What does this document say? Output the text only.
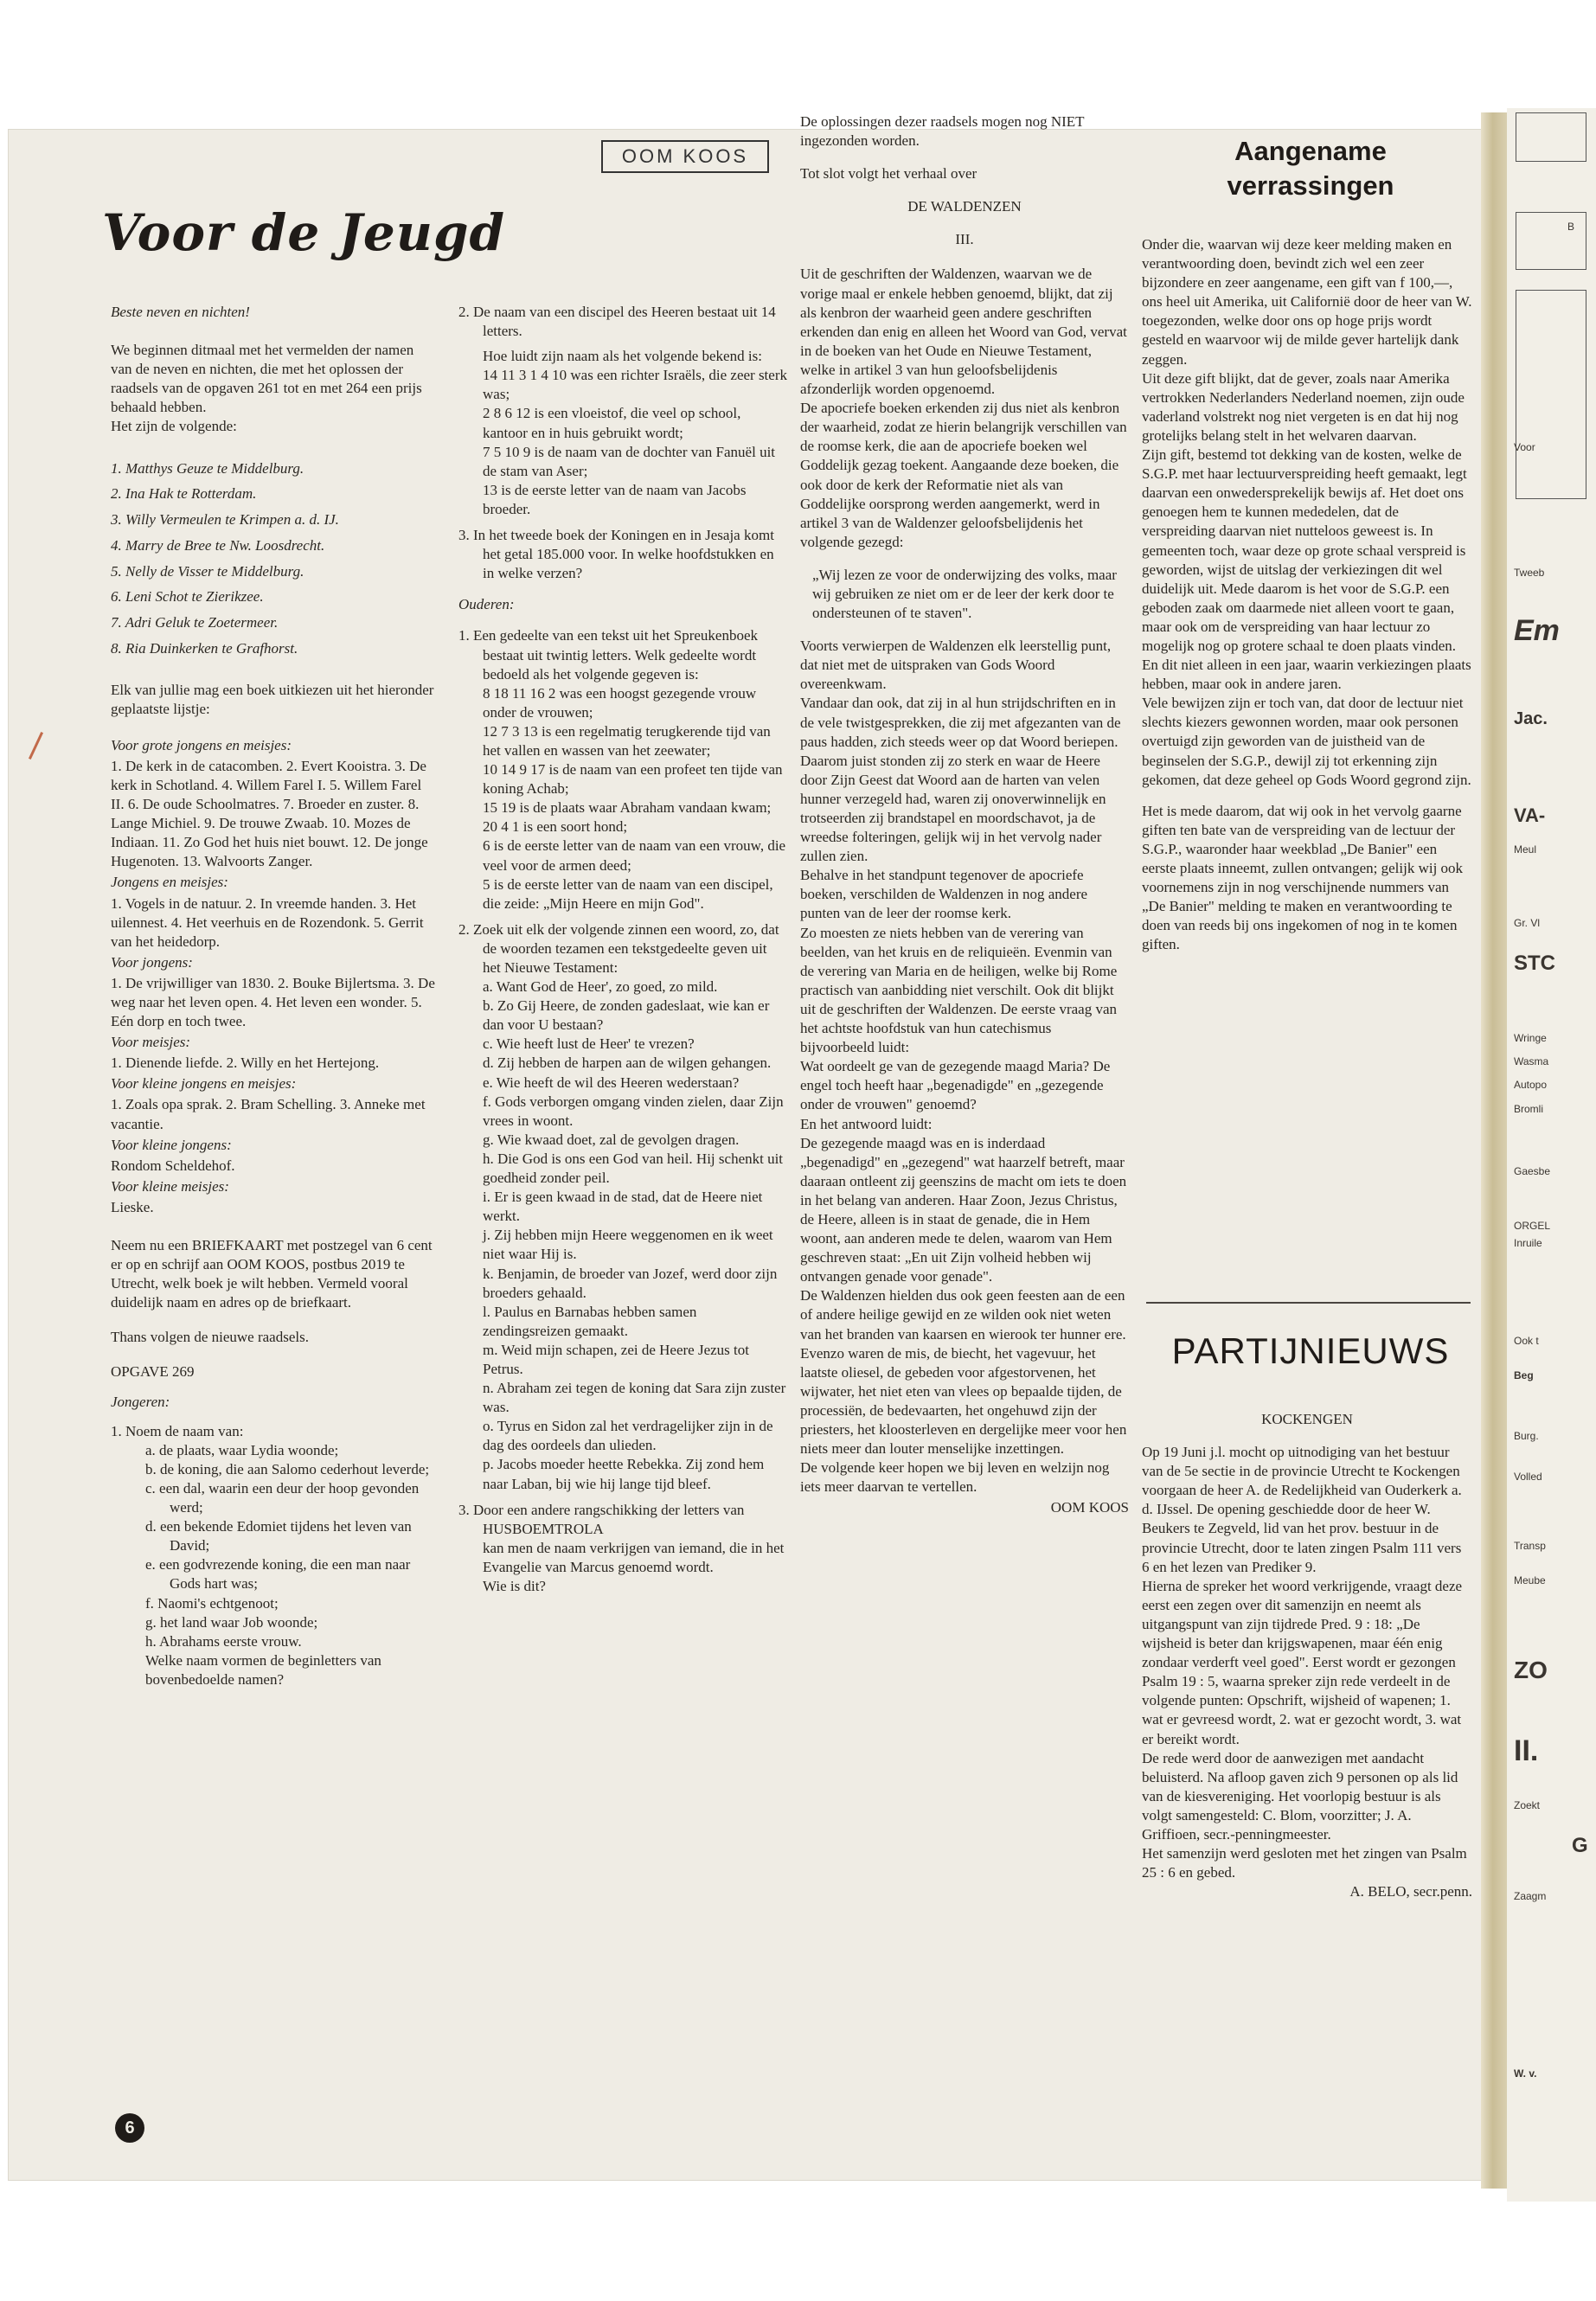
B
Voor
Tweeb
Em
Jac.
VA-
Meul
Gr. Vl
STC
Wringe
Wasma
Autopo
Bromli
Gaesbe
ORGEL
Inruile
Ook t
Beg
Burg.
Volled
Transp
Meube
ZO
II.
Zoekt
G
Zaagm
W. v.
OOM KOOS
Voor de Jeugd

Beste neven en nichten!

We beginnen ditmaal met het vermelden der namen van de neven en nichten, die met het oplossen der raadsels van de opgaven 261 tot en met 264 een prijs behaald hebben.

Het zijn de volgende:

1. Matthys Geuze te Middelburg.
2. Ina Hak te Rotterdam.
3. Willy Vermeulen te Krimpen a. d. IJ.
4. Marry de Bree te Nw. Loosdrecht.
5. Nelly de Visser te Middelburg.
6. Leni Schot te Zierikzee.
7. Adri Geluk te Zoetermeer.
8. Ria Duinkerken te Grafhorst.

Elk van jullie mag een boek uitkiezen uit het hieronder geplaatste lijstje:

Voor grote jongens en meisjes:

1. De kerk in de catacomben. 2. Evert Kooistra. 3. De kerk in Schotland. 4. Willem Farel I. 5. Willem Farel II. 6. De oude Schoolmatres. 7. Broeder en zuster. 8. Lange Michiel. 9. De trouwe Zwaab. 10. Mozes de Indiaan. 11. Zo God het huis niet bouwt. 12. De jonge Hugenoten. 13. Walvoorts Zanger.

Jongens en meisjes:

1. Vogels in de natuur. 2. In vreemde handen. 3. Het uilennest. 4. Het veerhuis en de Rozendonk. 5. Gerrit van het heidedorp.

Voor jongens:

1. De vrijwilliger van 1830. 2. Bouke Bijlertsma. 3. De weg naar het leven open. 4. Het leven een wonder. 5. Eén dorp en toch twee.

Voor meisjes:

1. Dienende liefde. 2. Willy en het Hertejong.

Voor kleine jongens en meisjes:

1. Zoals opa sprak. 2. Bram Schelling. 3. Anneke met vacantie.

Voor kleine jongens:

Rondom Scheldehof.

Voor kleine meisjes:

Lieske.

Neem nu een BRIEFKAART met postzegel van 6 cent er op en schrijf aan OOM KOOS, postbus 2019 te Utrecht, welk boek je wilt hebben. Vermeld vooral duidelijk naam en adres op de briefkaart.

Thans volgen de nieuwe raadsels.

OPGAVE 269

Jongeren:

1. Noem de naam van:

a. de plaats, waar Lydia woonde;
b. de koning, die aan Salomo cederhout leverde;
c. een dal, waarin een deur der hoop gevonden werd;
d. een bekende Edomiet tijdens het leven van David;
e. een godvrezende koning, die een man naar Gods hart was;
f. Naomi's echtgenoot;
g. het land waar Job woonde;
h. Abrahams eerste vrouw.
Welke naam vormen de beginletters van bovenbedoelde namen?

2. De naam van een discipel des Heeren bestaat uit 14 letters.

Hoe luidt zijn naam als het volgende bekend is:

14 11 3 1 4 10 was een richter Israëls, die zeer sterk was;
2 8 6 12 is een vloeistof, die veel op school, kantoor en in huis gebruikt wordt;
7 5 10 9 is de naam van de dochter van Fanuël uit de stam van Aser;
13 is de eerste letter van de naam van Jacobs broeder.

3. In het tweede boek der Koningen en in Jesaja komt het getal 185.000 voor. In welke hoofdstukken en in welke verzen?

Ouderen:

1. Een gedeelte van een tekst uit het Spreukenboek bestaat uit twintig letters. Welk gedeelte wordt bedoeld als het volgende gegeven is:

8 18 11 16 2 was een hoogst gezegende vrouw onder de vrouwen;
12 7 3 13 is een regelmatig terugkerende tijd van het vallen en wassen van het zeewater;
10 14 9 17 is de naam van een profeet ten tijde van koning Achab;
15 19 is de plaats waar Abraham vandaan kwam;
20 4 1 is een soort hond;
6 is de eerste letter van de naam van een vrouw, die veel voor de armen deed;
5 is de eerste letter van de naam van een discipel, die zeide: „Mijn Heere en mijn God".

2. Zoek uit elk der volgende zinnen een woord, zo, dat de woorden tezamen een tekstgedeelte geven uit het Nieuwe Testament:

a. Want God de Heer', zo goed, zo mild.
b. Zo Gij Heere, de zonden gadeslaat, wie kan er dan voor U bestaan?
c. Wie heeft lust de Heer' te vrezen?
d. Zij hebben de harpen aan de wilgen gehangen.
e. Wie heeft de wil des Heeren wederstaan?
f. Gods verborgen omgang vinden zielen, daar Zijn vrees in woont.
g. Wie kwaad doet, zal de gevolgen dragen.
h. Die God is ons een God van heil. Hij schenkt uit goedheid zonder peil.
i. Er is geen kwaad in de stad, dat de Heere niet werkt.
j. Zij hebben mijn Heere weggenomen en ik weet niet waar Hij is.
k. Benjamin, de broeder van Jozef, werd door zijn broeders gehaald.
l. Paulus en Barnabas hebben samen zendingsreizen gemaakt.
m. Weid mijn schapen, zei de Heere Jezus tot Petrus.
n. Abraham zei tegen de koning dat Sara zijn zuster was.
o. Tyrus en Sidon zal het verdragelijker zijn in de dag des oordeels dan ulieden.
p. Jacobs moeder heette Rebekka. Zij zond hem naar Laban, bij wie hij lange tijd bleef.

3. Door een andere rangschikking der letters van

HUSBOEMTROLA
kan men de naam verkrijgen van iemand, die in het Evangelie van Marcus genoemd wordt.
Wie is dit?

De oplossingen dezer raadsels mogen nog NIET ingezonden worden.

Tot slot volgt het verhaal over

DE WALDENZEN

III.

Uit de geschriften der Waldenzen, waarvan we de vorige maal er enkele hebben genoemd, blijkt, dat zij als kenbron der waarheid geen andere geschriften erkenden dan enig en alleen het Woord van God, vervat in de boeken van het Oude en Nieuwe Testament, welke in artikel 3 van hun geloofsbelijdenis afzonderlijk worden opgenoemd.

De apocriefe boeken erkenden zij dus niet als kenbron der waarheid, zodat ze hierin belangrijk verschillen van de roomse kerk, die aan de apocriefe boeken wel Goddelijk gezag toekent. Aangaande deze boeken, die ook door de kerk der Reformatie niet als van Goddelijke oorsprong werden aangemerkt, werd in artikel 3 van de Waldenzer geloofsbelijdenis het volgende gezegd:

„Wij lezen ze voor de onderwijzing des volks, maar wij gebruiken ze niet om er de leer der kerk door te ondersteunen of te staven".

Voorts verwierpen de Waldenzen elk leerstellig punt, dat niet met de uitspraken van Gods Woord overeenkwam.

Vandaar dan ook, dat zij in al hun strijdschriften en in de vele twistgesprekken, die zij met afgezanten van de paus hadden, zich steeds weer op dat Woord beriepen. Daarom juist stonden zij zo sterk en waar de Heere door Zijn Geest dat Woord aan de harten van velen hunner verzegeld had, waren zij onoverwinnelijk en trotseerden zij brandstapel en moordschavot, ja de wreedse folteringen, gelijk wij in het vervolg nader zullen zien.

Behalve in het standpunt tegenover de apocriefe boeken, verschilden de Waldenzen in nog andere punten van de leer der roomse kerk.

Zo moesten ze niets hebben van de verering van beelden, van het kruis en de reliquieën. Evenmin van de verering van Maria en de heiligen, welke bij Rome practisch van aanbidding niet verschilt. Ook dit blijkt uit de geschriften der Waldenzen. De eerste vraag van het achtste hoofdstuk van hun catechismus bijvoorbeeld luidt:

Wat oordeelt ge van de gezegende maagd Maria? De engel toch heeft haar „begenadigde" en „gezegende onder de vrouwen" genoemd?

En het antwoord luidt:

De gezegende maagd was en is inderdaad „begenadigd" en „gezegend" wat haarzelf betreft, maar daaraan ontleent zij geenszins de macht om iets te doen in het belang van anderen. Haar Zoon, Jezus Christus, de Heere, alleen is in staat de genade, die in Hem woont, aan anderen mede te delen, waarom van Hem geschreven staat: „En uit Zijn volheid hebben wij ontvangen genade voor genade".

De Waldenzen hielden dus ook geen feesten aan de een of andere heilige gewijd en ze wilden ook niet weten van het branden van kaarsen en wierook ter hunner ere. Evenzo waren de mis, de biecht, het vagevuur, het laatste oliesel, de gebeden voor afgestorvenen, het wijwater, het niet eten van vlees op bepaalde tijden, de processiën, de bedevaarten, het ongehuwd zijn der priesters, het kloosterleven en dergelijke meer voor hen niets meer dan louter menselijke inzettingen.

De volgende keer hopen we bij leven en welzijn nog iets meer daarvan te vertellen.

OOM KOOS

Aangename verrassingen

Onder die, waarvan wij deze keer melding maken en verantwoording doen, bevindt zich wel een zeer bijzondere en zeer aangename, een gift van f 100,—, ons heel uit Amerika, uit Californië door de heer van W. toegezonden, welke door ons op hoge prijs wordt gesteld en waarvoor wij de milde gever hartelijk dank zeggen.

Uit deze gift blijkt, dat de gever, zoals naar Amerika vertrokken Nederlanders Nederland noemen, zijn oude vaderland volstrekt nog niet vergeten is en dat hij nog grotelijks belang stelt in het welvaren daarvan.

Zijn gift, bestemd tot dekking van de kosten, welke de S.G.P. met haar lectuurverspreiding heeft gemaakt, legt daarvan een onwedersprekelijk bewijs af. Het doet ons genoegen hem te kunnen mededelen, dat de verspreiding daarvan niet nutteloos geweest is. In gemeenten toch, waar deze op grote schaal verspreid is geworden, wijst de uitslag der verkiezingen dit wel duidelijk uit. Mede daarom is het voor de S.G.P. een geboden zaak om daarmede niet alleen voort te gaan, maar ook om de verspreiding van haar lectuur zo mogelijk nog op grotere schaal te doen plaats vinden. En dit niet alleen in een jaar, waarin verkiezingen plaats hebben, maar ook in andere jaren.

Vele bewijzen zijn er toch van, dat door de lectuur niet slechts kiezers gewonnen worden, maar ook personen overtuigd zijn geworden van de juistheid van de beginselen der S.G.P., dewijl zij tot erkenning zijn gekomen, dat deze geheel op Gods Woord gegrond zijn.

Het is mede daarom, dat wij ook in het vervolg gaarne giften ten bate van de verspreiding van de lectuur der S.G.P., waaronder haar weekblad „De Banier" een eerste plaats inneemt, zullen ontvangen; gelijk wij ook voornemens zijn in nog verschijnende nummers van „De Banier" melding te maken en verantwoording te doen van reeds bij ons ingekomen of nog in te komen giften.

PARTIJNIEUWS

KOCKENGEN

Op 19 Juni j.l. mocht op uitnodiging van het bestuur van de 5e sectie in de provincie Utrecht te Kockengen voorgaan de heer A. de Redelijkheid van Ouderkerk a. d. IJssel. De opening geschiedde door de heer W. Beukers te Zegveld, lid van het prov. bestuur in de provincie Utrecht, door te laten zingen Psalm 111 vers 6 en het lezen van Prediker 9.

Hierna de spreker het woord verkrijgende, vraagt deze eerst een zegen over dit samenzijn en neemt als uitgangspunt van zijn tijdrede Pred. 9 : 18: „De wijsheid is beter dan krijgswapenen, maar één enig zondaar verderft veel goed". Eerst wordt er gezongen Psalm 19 : 5, waarna spreker zijn rede verdeelt in de volgende punten: Opschrift, wijsheid of wapenen; 1. wat er gevreesd wordt, 2. wat er gezocht wordt, 3. wat er bereikt wordt.

De rede werd door de aanwezigen met aandacht beluisterd. Na afloop gaven zich 9 personen op als lid van de kiesvereniging. Het voorlopig bestuur is als volgt samengesteld: C. Blom, voorzitter; J. A. Griffioen, secr.-penningmeester.

Het samenzijn werd gesloten met het zingen van Psalm 25 : 6 en gebed.

A. BELO, secr.penn.

6
